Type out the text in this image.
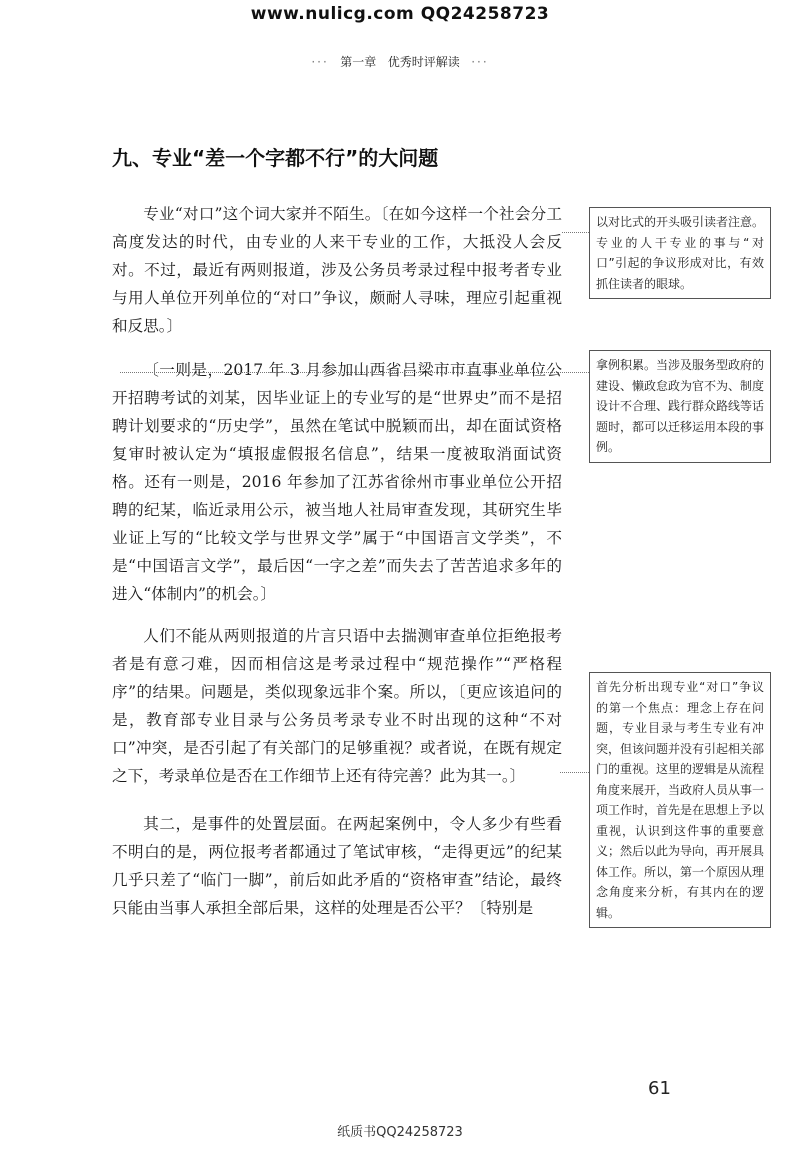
www.nulicg.com QQ24258723
··· 第一章 优秀时评解读 ···
九、专业“差一个字都不行”的大问题

专业“对口”这个词大家并不陌生。〔在如今这样一个社会分工高度发达的时代，由专业的人来干专业的工作，大抵没人会反对。不过，最近有两则报道，涉及公务员考录过程中报考者专业与用人单位开列单位的“对口”争议，颇耐人寻味，理应引起重视和反思。〕

〔一则是，2017 年 3 月参加山西省吕梁市市直事业单位公开招聘考试的刘某，因毕业证上的专业写的是“世界史”而不是招聘计划要求的“历史学”，虽然在笔试中脱颖而出，却在面试资格复审时被认定为“填报虚假报名信息”，结果一度被取消面试资格。还有一则是，2016 年参加了江苏省徐州市事业单位公开招聘的纪某，临近录用公示，被当地人社局审查发现，其研究生毕业证上写的“比较文学与世界文学”属于“中国语言文学类”，不是“中国语言文学”，最后因“一字之差”而失去了苦苦追求多年的进入“体制内”的机会。〕

人们不能从两则报道的片言只语中去揣测审查单位拒绝报考者是有意刁难，因而相信这是考录过程中“规范操作”“严格程序”的结果。问题是，类似现象远非个案。所以，〔更应该追问的是，教育部专业目录与公务员考录专业不时出现的这种“不对口”冲突，是否引起了有关部门的足够重视？或者说，在既有规定之下，考录单位是否在工作细节上还有待完善？此为其一。〕

其二，是事件的处置层面。在两起案例中，令人多少有些看不明白的是，两位报考者都通过了笔试审核，“走得更远”的纪某几乎只差了“临门一脚”，前后如此矛盾的“资格审查”结论，最终只能由当事人承担全部后果，这样的处理是否公平？〔特别是

以对比式的开头吸引读者注意。专业的人干专业的事与“对口”引起的争议形成对比，有效抓住读者的眼球。
拿例积累。当涉及服务型政府的建设、懒政怠政为官不为、制度设计不合理、践行群众路线等话题时，都可以迁移运用本段的事例。
首先分析出现专业“对口”争议的第一个焦点：理念上存在问题，专业目录与考生专业有冲突，但该问题并没有引起相关部门的重视。这里的逻辑是从流程角度来展开，当政府人员从事一项工作时，首先是在思想上予以重视，认识到这件事的重要意义；然后以此为导向，再开展具体工作。所以，第一个原因从理念角度来分析，有其内在的逻辑。
61
纸质书QQ24258723
